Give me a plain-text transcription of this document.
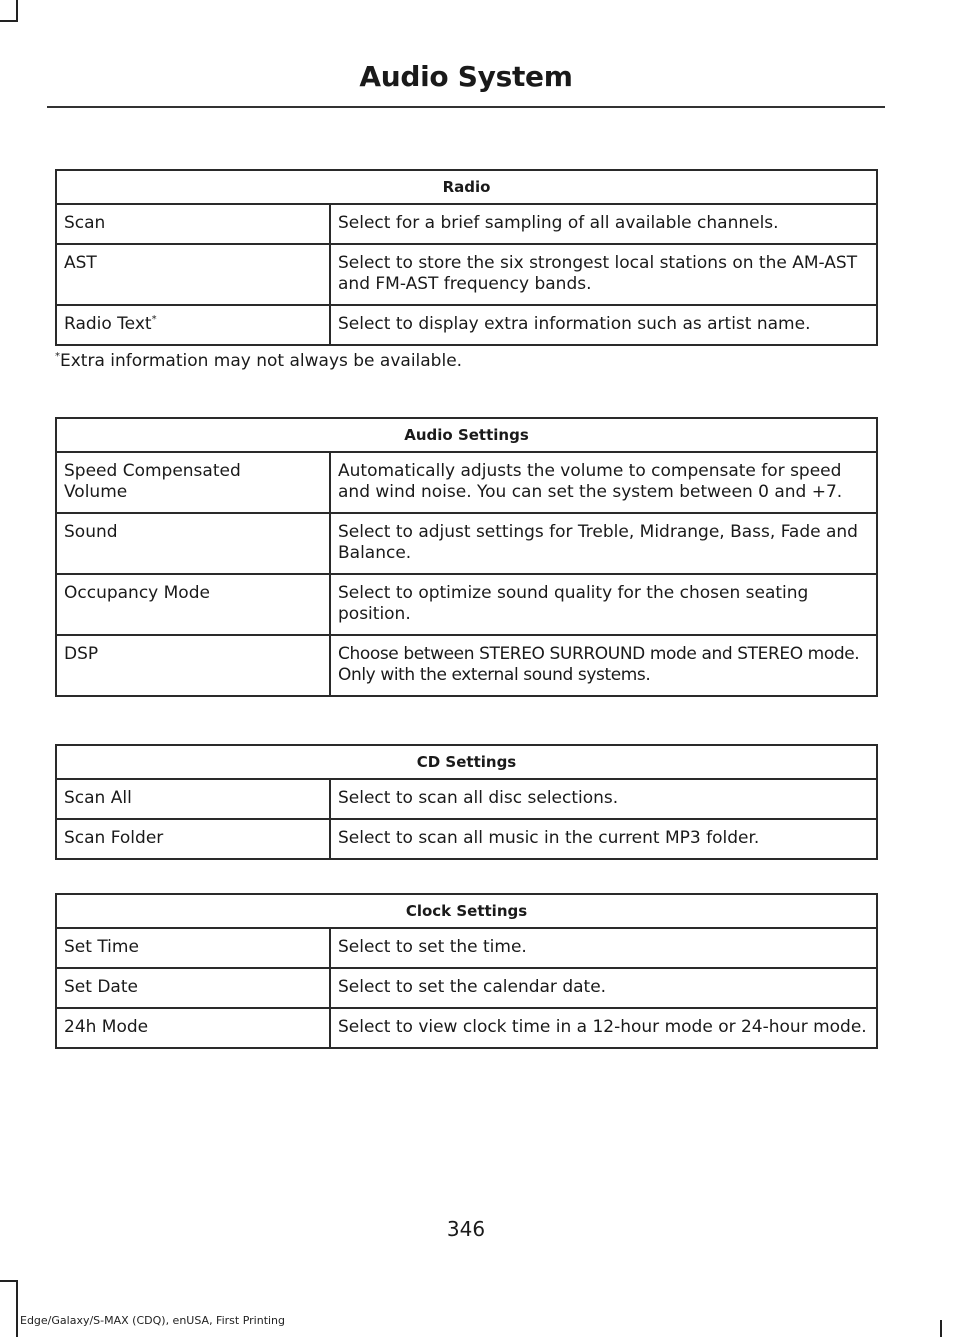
Audio System
Radio	
Scan	Select for a brief sampling of all available channels.
AST	Select to store the six strongest local stations on the AM-AST and FM-AST frequency bands.
Radio Text*	Select to display extra information such as artist name.
*Extra information may not always be available.
Audio Settings	
Speed Compensated Volume	Automatically adjusts the volume to compensate for speed and wind noise. You can set the system between 0 and +7.
Sound	Select to adjust settings for Treble, Midrange, Bass, Fade and Balance.
Occupancy Mode	Select to optimize sound quality for the chosen seating position.
DSP	Choose between STEREO SURROUND mode and STEREO mode. Only with the external sound systems.
CD Settings	
Scan All	Select to scan all disc selections.
Scan Folder	Select to scan all music in the current MP3 folder.
Clock Settings	
Set Time	Select to set the time.
Set Date	Select to set the calendar date.
24h Mode	Select to view clock time in a 12-hour mode or 24-hour mode.
346
Edge/Galaxy/S-MAX (CDQ), enUSA, First Printing
